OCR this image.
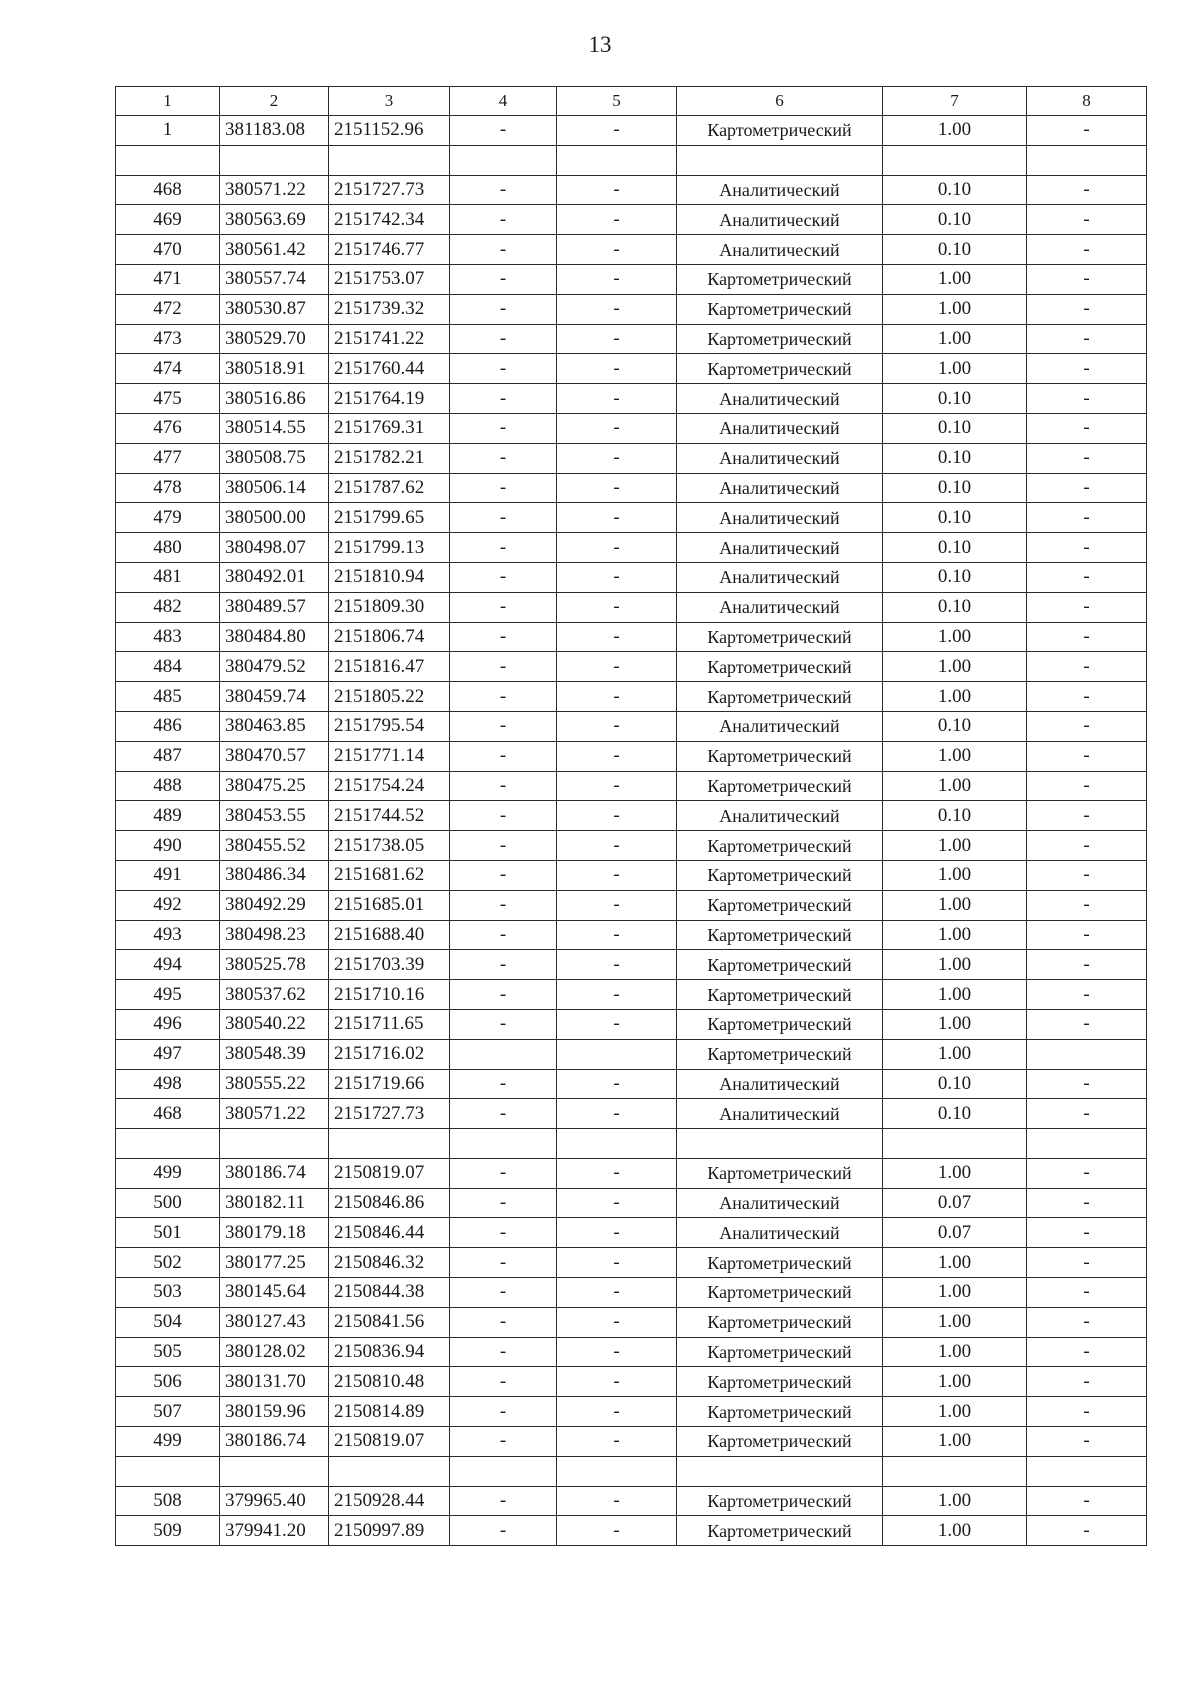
13
1	2	3	4	5	6	7	8
1	381183.08	2151152.96	-	-	Картометрический	1.00	-

468	380571.22	2151727.73	-	-	Аналитический	0.10	-
469	380563.69	2151742.34	-	-	Аналитический	0.10	-
470	380561.42	2151746.77	-	-	Аналитический	0.10	-
471	380557.74	2151753.07	-	-	Картометрический	1.00	-
472	380530.87	2151739.32	-	-	Картометрический	1.00	-
473	380529.70	2151741.22	-	-	Картометрический	1.00	-
474	380518.91	2151760.44	-	-	Картометрический	1.00	-
475	380516.86	2151764.19	-	-	Аналитический	0.10	-
476	380514.55	2151769.31	-	-	Аналитический	0.10	-
477	380508.75	2151782.21	-	-	Аналитический	0.10	-
478	380506.14	2151787.62	-	-	Аналитический	0.10	-
479	380500.00	2151799.65	-	-	Аналитический	0.10	-
480	380498.07	2151799.13	-	-	Аналитический	0.10	-
481	380492.01	2151810.94	-	-	Аналитический	0.10	-
482	380489.57	2151809.30	-	-	Аналитический	0.10	-
483	380484.80	2151806.74	-	-	Картометрический	1.00	-
484	380479.52	2151816.47	-	-	Картометрический	1.00	-
485	380459.74	2151805.22	-	-	Картометрический	1.00	-
486	380463.85	2151795.54	-	-	Аналитический	0.10	-
487	380470.57	2151771.14	-	-	Картометрический	1.00	-
488	380475.25	2151754.24	-	-	Картометрический	1.00	-
489	380453.55	2151744.52	-	-	Аналитический	0.10	-
490	380455.52	2151738.05	-	-	Картометрический	1.00	-
491	380486.34	2151681.62	-	-	Картометрический	1.00	-
492	380492.29	2151685.01	-	-	Картометрический	1.00	-
493	380498.23	2151688.40	-	-	Картометрический	1.00	-
494	380525.78	2151703.39	-	-	Картометрический	1.00	-
495	380537.62	2151710.16	-	-	Картометрический	1.00	-
496	380540.22	2151711.65	-	-	Картометрический	1.00	-
497	380548.39	2151716.02			Картометрический	1.00	
498	380555.22	2151719.66	-	-	Аналитический	0.10	-
468	380571.22	2151727.73	-	-	Аналитический	0.10	-

499	380186.74	2150819.07	-	-	Картометрический	1.00	-
500	380182.11	2150846.86	-	-	Аналитический	0.07	-
501	380179.18	2150846.44	-	-	Аналитический	0.07	-
502	380177.25	2150846.32	-	-	Картометрический	1.00	-
503	380145.64	2150844.38	-	-	Картометрический	1.00	-
504	380127.43	2150841.56	-	-	Картометрический	1.00	-
505	380128.02	2150836.94	-	-	Картометрический	1.00	-
506	380131.70	2150810.48	-	-	Картометрический	1.00	-
507	380159.96	2150814.89	-	-	Картометрический	1.00	-
499	380186.74	2150819.07	-	-	Картометрический	1.00	-

508	379965.40	2150928.44	-	-	Картометрический	1.00	-
509	379941.20	2150997.89	-	-	Картометрический	1.00	-
